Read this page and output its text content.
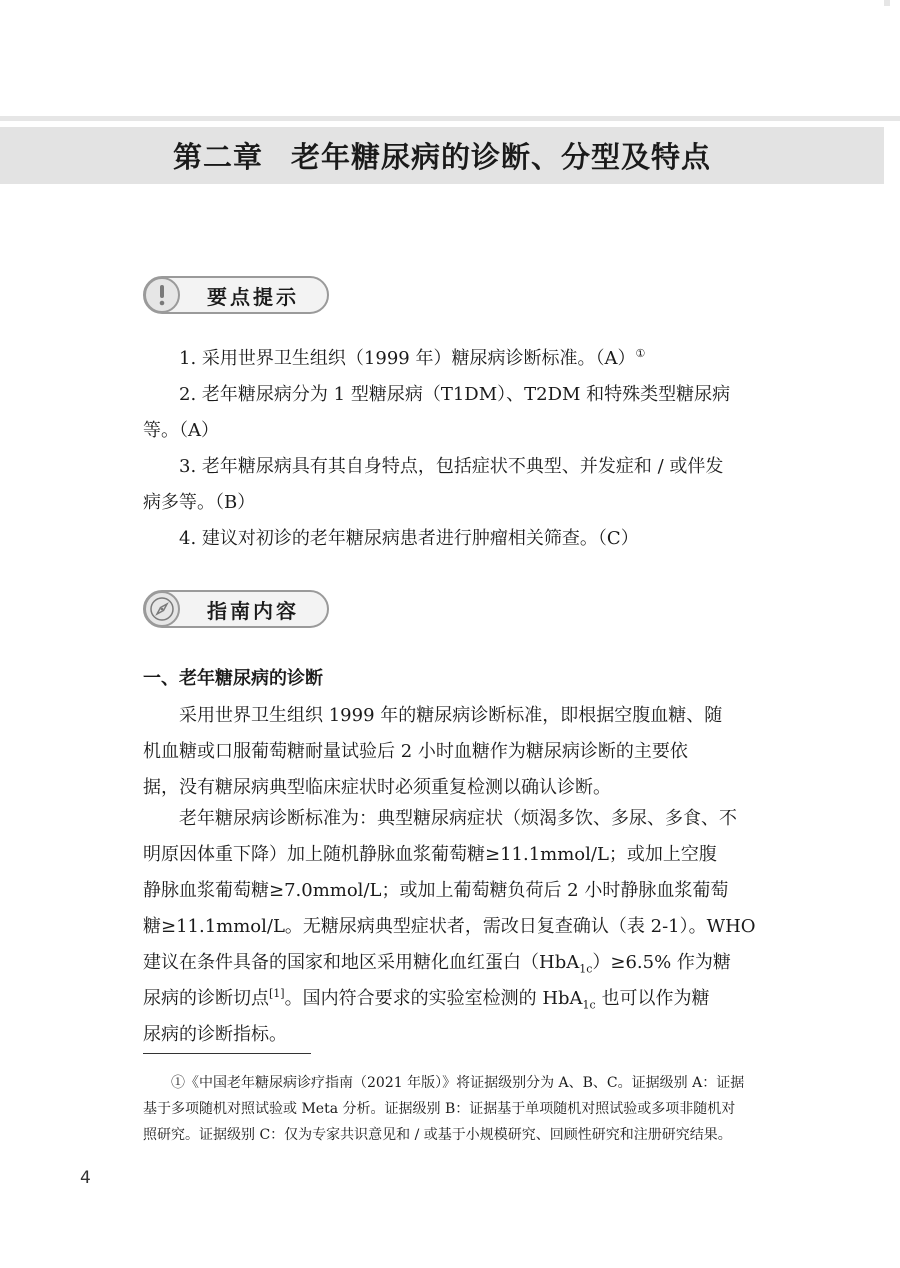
第二章 老年糖尿病的诊断、分型及特点
要点提示
1. 采用世界卫生组织（1999 年）糖尿病诊断标准。（A）①
2. 老年糖尿病分为 1 型糖尿病（T1DM）、T2DM 和特殊类型糖尿病
等。（A）
3. 老年糖尿病具有其自身特点，包括症状不典型、并发症和 / 或伴发
病多等。（B）
4. 建议对初诊的老年糖尿病患者进行肿瘤相关筛查。（C）
指南内容
一、老年糖尿病的诊断
采用世界卫生组织 1999 年的糖尿病诊断标准，即根据空腹血糖、随
机血糖或口服葡萄糖耐量试验后 2 小时血糖作为糖尿病诊断的主要依
据，没有糖尿病典型临床症状时必须重复检测以确认诊断。
老年糖尿病诊断标准为：典型糖尿病症状（烦渴多饮、多尿、多食、不
明原因体重下降）加上随机静脉血浆葡萄糖≥11.1mmol/L；或加上空腹
静脉血浆葡萄糖≥7.0mmol/L；或加上葡萄糖负荷后 2 小时静脉血浆葡萄
糖≥11.1mmol/L。无糖尿病典型症状者，需改日复查确认（表 2-1）。WHO
建议在条件具备的国家和地区采用糖化血红蛋白（HbA$_{1c}$）≥6.5% 作为糖
尿病的诊断切点[1]。国内符合要求的实验室检测的 HbA$_{1c}$ 也可以作为糖
尿病的诊断指标。
①《中国老年糖尿病诊疗指南（2021 年版）》将证据级别分为 A、B、C。证据级别 A：证据
基于多项随机对照试验或 Meta 分析。证据级别 B：证据基于单项随机对照试验或多项非随机对
照研究。证据级别 C：仅为专家共识意见和 / 或基于小规模研究、回顾性研究和注册研究结果。
4
